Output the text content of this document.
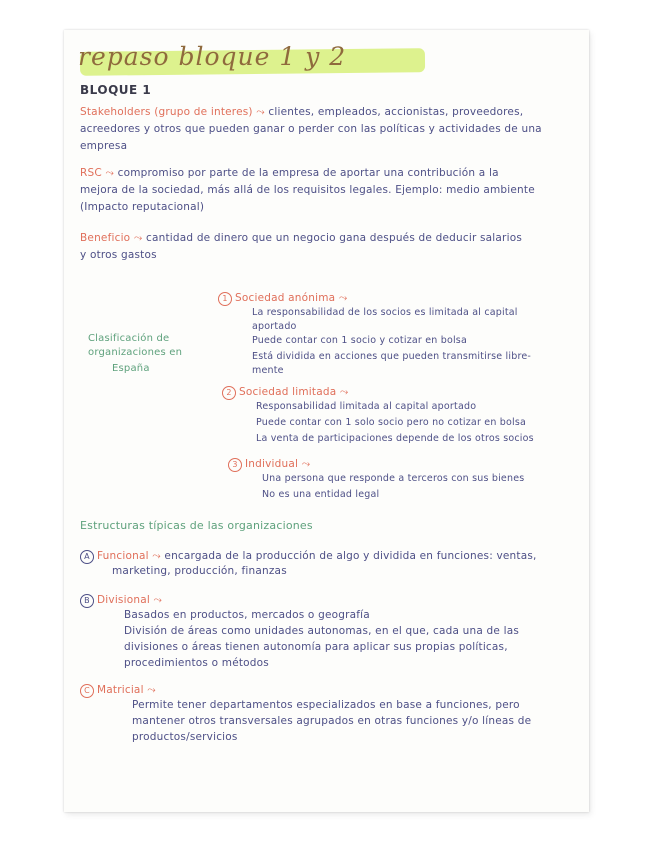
repaso bloque 1 y 2
BLOQUE 1
Stakeholders (grupo de interes) ⤳ clientes, empleados, accionistas, proveedores,
acreedores y otros que pueden ganar o perder con las políticas y actividades de una
empresa
RSC ⤳ compromiso por parte de la empresa de aportar una contribución a la
mejora de la sociedad, más allá de los requisitos legales. Ejemplo: medio ambiente
(Impacto reputacional)
Beneficio ⤳ cantidad de dinero que un negocio gana después de deducir salarios
y otros gastos
Clasificación de
organizaciones en
España
1 Sociedad anónima ⤳
La responsabilidad de los socios es limitada al capital
aportado
Puede contar con 1 socio y cotizar en bolsa
Está dividida en acciones que pueden transmitirse libre-
mente
2 Sociedad limitada ⤳
Responsabilidad limitada al capital aportado
Puede contar con 1 solo socio pero no cotizar en bolsa
La venta de participaciones depende de los otros socios
3 Individual ⤳
Una persona que responde a terceros con sus bienes
No es una entidad legal
Estructuras típicas de las organizaciones
A Funcional ⤳ encargada de la producción de algo y dividida en funciones: ventas,
marketing, producción, finanzas
B Divisional ⤳
Basados en productos, mercados o geografía
División de áreas como unidades autonomas, en el que, cada una de las
divisiones o áreas tienen autonomía para aplicar sus propias políticas,
procedimientos o métodos
C Matricial ⤳
Permite tener departamentos especializados en base a funciones, pero
mantener otros transversales agrupados en otras funciones y/o líneas de
productos/servicios
